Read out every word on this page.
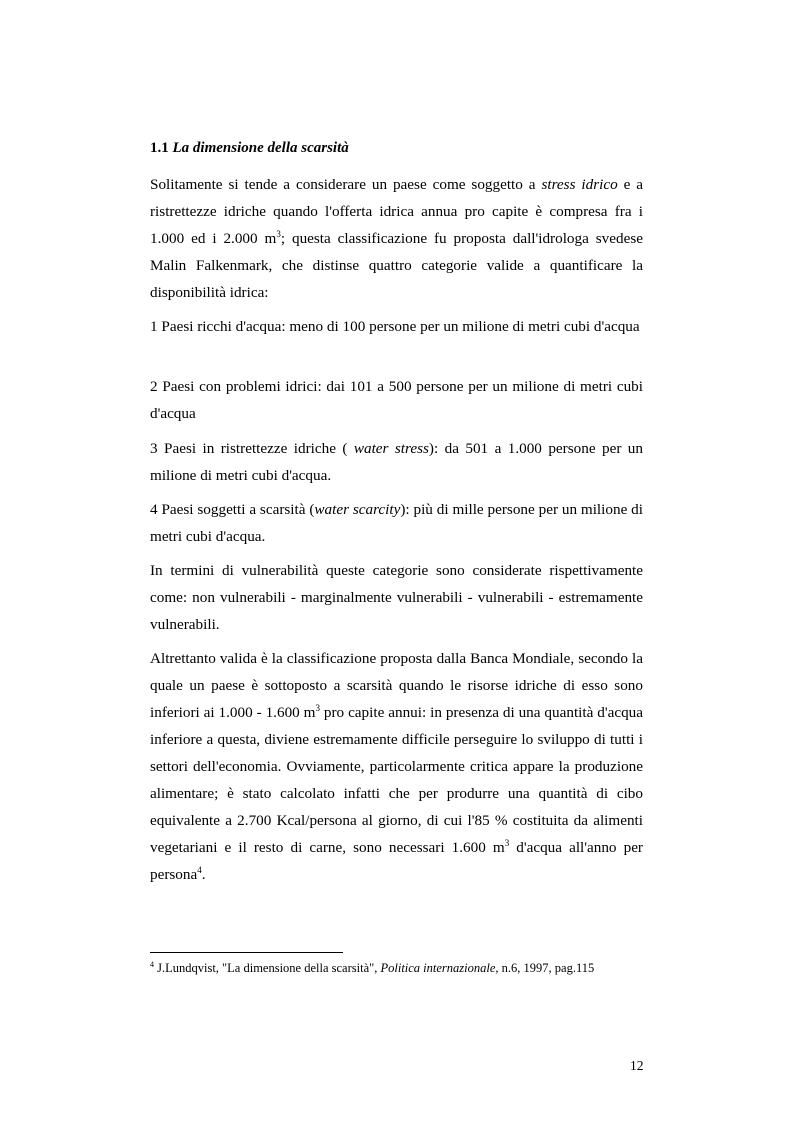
1.1 La dimensione della scarsità

Solitamente si tende a considerare un paese come soggetto a stress idrico e a ristrettezze idriche quando l'offerta idrica annua pro capite è compresa fra i 1.000 ed i 2.000 $m^3$; questa classificazione fu proposta dall'idrologa svedese Malin Falkenmark, che distinse quattro categorie valide a quantificare la disponibilità idrica:

1 Paesi ricchi d'acqua: meno di 100 persone per un milione di metri cubi d'acqua

2 Paesi con problemi idrici: dai 101 a 500 persone per un milione di metri cubi d'acqua

3 Paesi in ristrettezze idriche ( water stress): da 501 a 1.000 persone per un milione di metri cubi d'acqua.

4 Paesi soggetti a scarsità (water scarcity): più di mille persone per un milione di metri cubi d'acqua.

In termini di vulnerabilità queste categorie sono considerate rispettivamente come: non vulnerabili - marginalmente vulnerabili - vulnerabili - estremamente vulnerabili.

Altrettanto valida è la classificazione proposta dalla Banca Mondiale, secondo la quale un paese è sottoposto a scarsità quando le risorse idriche di esso sono inferiori ai 1.000 - 1.600 $m^3$ pro capite annui: in presenza di una quantità d'acqua inferiore a questa, diviene estremamente difficile perseguire lo sviluppo di tutti i settori dell'economia. Ovviamente, particolarmente critica appare la produzione alimentare; è stato calcolato infatti che per produrre una quantità di cibo equivalente a 2.700 Kcal/persona al giorno, di cui l'85 % costituita da alimenti vegetariani e il resto di carne, sono necessari 1.600 $m^3$ d'acqua all'anno per persona$^4$.

$^4$ J.Lundqvist, "La dimensione della scarsità", Politica internazionale, n.6, 1997, pag.115
12
